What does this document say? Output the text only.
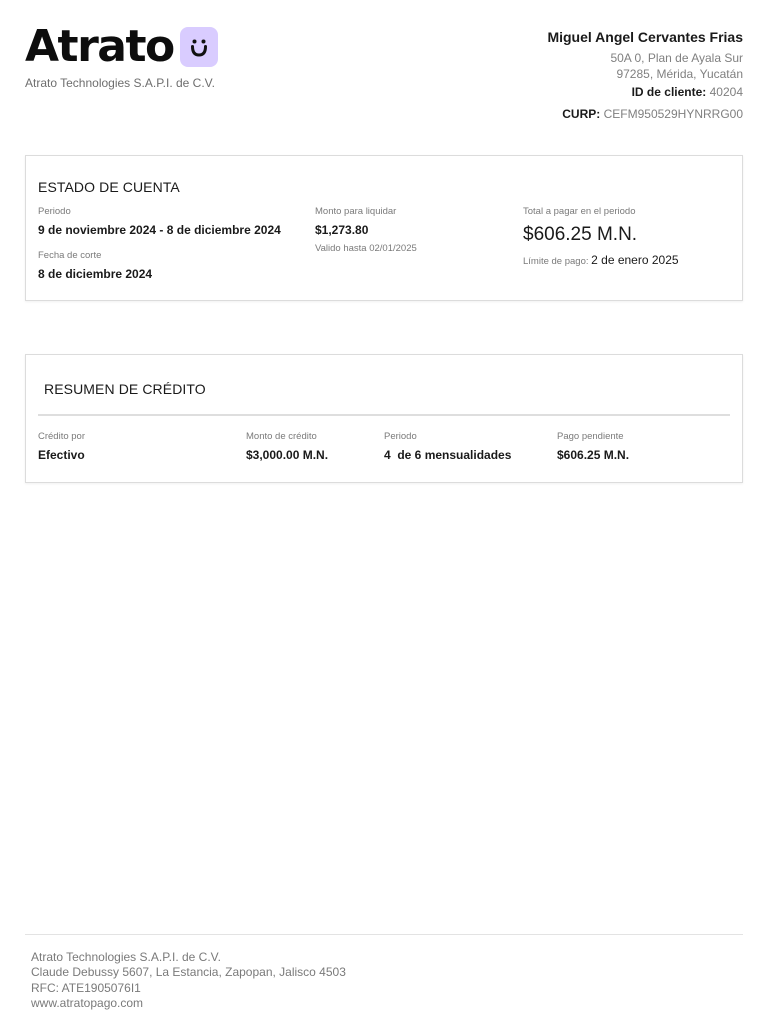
Atrato
Atrato Technologies S.A.P.I. de C.V.
Miguel Angel Cervantes Frias
50A 0, Plan de Ayala Sur
97285, Mérida, Yucatán
ID de cliente: 40204
CURP: CEFM950529HYNRRG00
ESTADO DE CUENTA
Periodo
9 de noviembre 2024 - 8 de diciembre 2024
Fecha de corte
8 de diciembre 2024
Monto para liquidar
$1,273.80
Valido hasta 02/01/2025
Total a pagar en el periodo
$606.25 M.N.
Límite de pago: 2 de enero 2025
RESUMEN DE CRÉDITO
Crédito por
Efectivo
Monto de crédito
$3,000.00 M.N.
Periodo
4  de 6 mensualidades
Pago pendiente
$606.25 M.N.
Atrato Technologies S.A.P.I. de C.V.
Claude Debussy 5607, La Estancia, Zapopan, Jalisco 4503
RFC: ATE1905076I1
www.atratopago.com
